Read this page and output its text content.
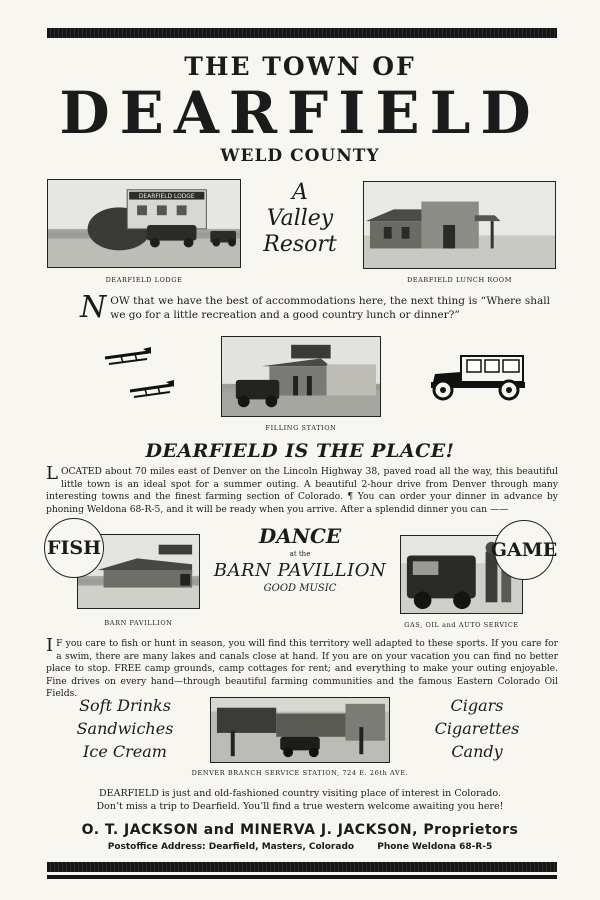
THE TOWN OF
DEARFIELD
WELD COUNTY
DEARFIELD LODGE
DEARFIELD LODGE
A
Valley
Resort
DEARFIELD LUNCH ROOM
N OW that we have the best of accommodations here, the next thing is “Where shall we go for a little recreation and a good country lunch or dinner?”
FILLING STATION
DEARFIELD IS THE PLACE!
L OCATED about 70 miles east of Denver on the Lincoln Highway 38, paved road all the way, this beautiful little town is an ideal spot for a summer outing. A beautiful 2-hour drive from Denver through many interesting towns and the finest farming section of Colorado. ¶ You can order your dinner in advance by phoning Weldona 68-R-5, and it will be ready when you arrive. After a splendid dinner you can ——
FISH
BARN PAVILLION
DANCE
at the
BARN PAVILLION
GOOD MUSIC
GAME
GAS, OIL and AUTO SERVICE
I F you care to fish or hunt in season, you will find this territory well adapted to these sports. If you care for a swim, there are many lakes and canals close at hand. If you are on your vacation you can find no better place to stop. FREE camp grounds, camp cottages for rent; and everything to make your outing enjoyable. Fine drives on every hand—through beautiful farming communities and the famous Eastern Colorado Oil Fields.
Soft Drinks
Sandwiches
Ice Cream
DENVER BRANCH SERVICE STATION, 724 E. 26th AVE.
Cigars
Cigarettes
Candy
DEARFIELD is just and old-fashioned country visiting place of interest in Colorado.
Don’t miss a trip to Dearfield. You’ll find a true western welcome awaiting you here!
O. T. JACKSON and MINERVA J. JACKSON, Proprietors
Postoffice Address: Dearfield, Masters, Colorado	Phone Weldona 68-R-5
